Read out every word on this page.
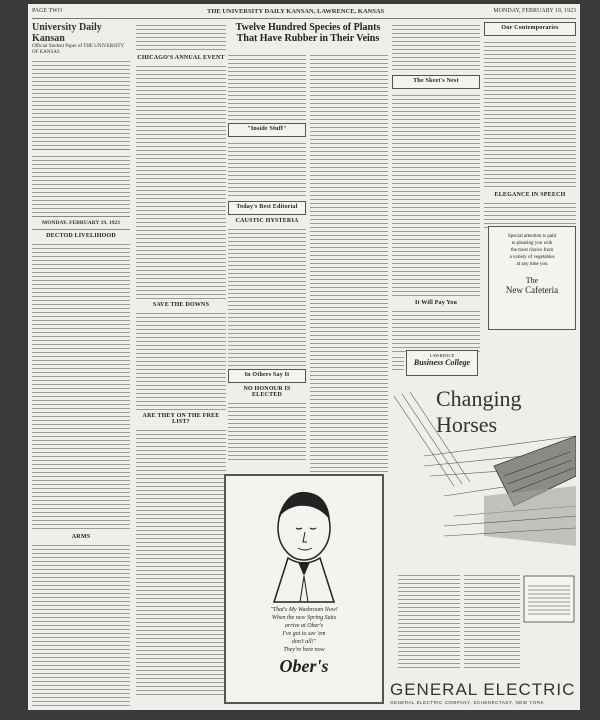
PAGE TWO	THE UNIVERSITY DAILY KANSAN, LAWRENCE, KANSAS	MONDAY, FEBRUARY 19, 1923
University Daily Kansan
Official Student Paper of THE UNIVERSITY OF KANSAS
MONDAY, FEBRUARY 19, 1923
DECTOD LIVELIHOOD
ARMS
CHICAGO'S ANNUAL EVENT
SAVE THE DOWNS
ARE THEY ON THE FREE LIST?
Twelve Hundred Species of Plants That Have Rubber in Their Veins
"Inside Stuff"
Today's Best Editorial
CAUSTIC HYSTERIA
In Others Say It
NO HONOUR IS ELECTED
The Skeet's Nest
It Will Pay You
Our Contemporaries
ELEGANCE IN SPEECH
Special attention is paid
to pleasing you with
the most choice from
a variety of vegetables
at any time you
The
New Cafeteria
LAWRENCE
Business College
"That's My Washroom Now!
When the new Spring Suits
arrive at Ober's
I've got to see 'em
don't all!"
They're here now
Ober's
Changing Horses
GENERAL ELECTRIC
GENERAL ELECTRIC COMPANY, SCHENECTADY, NEW YORK
